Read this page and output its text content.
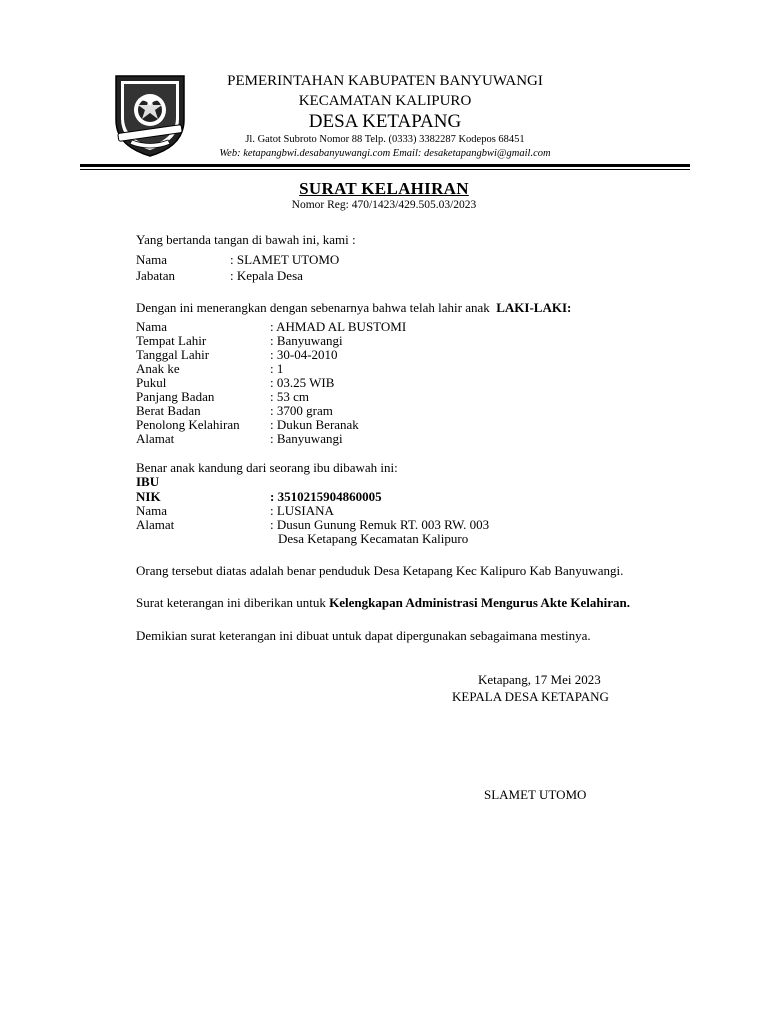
PEMERINTAHAN KABUPATEN BANYUWANGI
KECAMATAN KALIPURO
DESA KETAPANG
Jl. Gatot Subroto Nomor 88 Telp. (0333) 3382287 Kodepos 68451
Web: ketapangbwi.desabanyuwangi.com Email: desaketapangbwi@gmail.com
SURAT KELAHIRAN
Nomor Reg: 470/1423/429.505.03/2023
Yang bertanda tangan di bawah ini, kami :
Nama	: SLAMET UTOMO
Jabatan	: Kepala Desa
Dengan ini menerangkan dengan sebenarnya bahwa telah lahir anak LAKI-LAKI:
Nama	: AHMAD AL BUSTOMI
Tempat Lahir	: Banyuwangi
Tanggal Lahir	: 30-04-2010
Anak ke	: 1
Pukul	: 03.25 WIB
Panjang Badan	: 53 cm
Berat Badan	: 3700 gram
Penolong Kelahiran : Dukun Beranak
Alamat	: Banyuwangi
Benar anak kandung dari seorang ibu dibawah ini:
IBU
NIK	: 3510215904860005
Nama	: LUSIANA
Alamat	: Dusun Gunung Remuk RT. 003 RW. 003
Desa Ketapang Kecamatan Kalipuro
Orang tersebut diatas adalah benar penduduk Desa Ketapang Kec Kalipuro Kab Banyuwangi.
Surat keterangan ini diberikan untuk Kelengkapan Administrasi Mengurus Akte Kelahiran.
Demikian surat keterangan ini dibuat untuk dapat dipergunakan sebagaimana mestinya.
Ketapang, 17 Mei 2023
KEPALA DESA KETAPANG
SLAMET UTOMO
